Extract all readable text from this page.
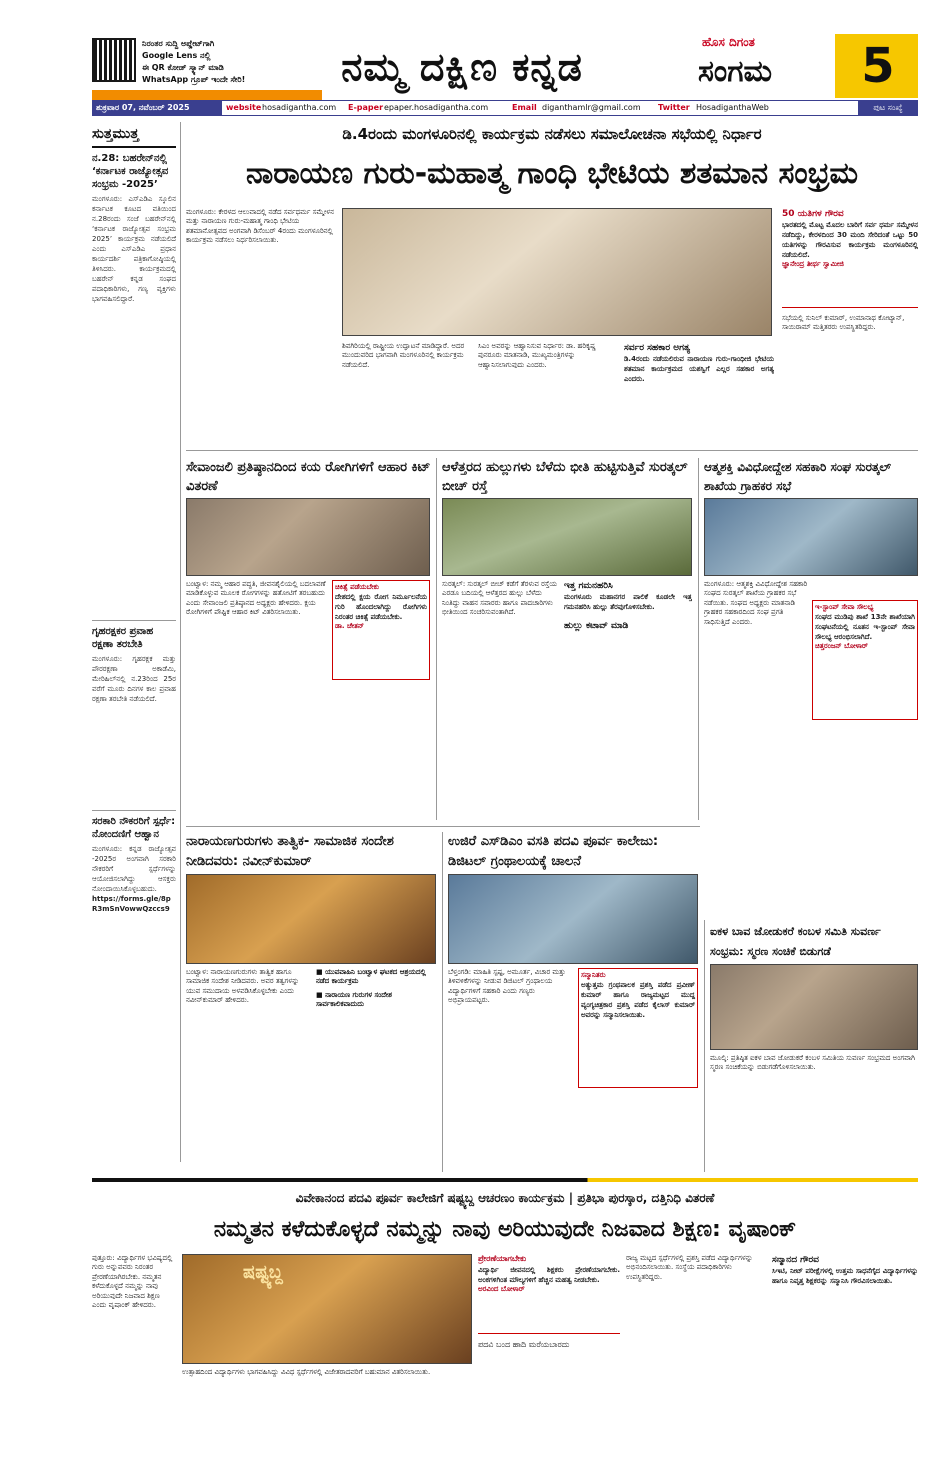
ನಿರಂತರ ಸುದ್ದಿ ಅಪ್ಡೇಟ್‌ಗಾಗಿ
Google Lens ನಲ್ಲಿ
ಈ QR ಕೋಡ್ ಸ್ಕ್ಯಾನ್ ಮಾಡಿ
WhatsApp ಗ್ರೂಪ್ ಇಂದೇ ಸೇರಿ!	ನಮ್ಮ ದಕ್ಷಿಣ ಕನ್ನಡ
ಹೊಸ ದಿಗಂತ
ಸಂಗಮ	5
ಶುಕ್ರವಾರ 07, ನವೆಂಬರ್ 2025	website hosadigantha.com E-paper epaper.hosadigantha.com	Email diganthamlr@gmail.com Twitter HosadiganthaWeb	ಪುಟ ಸಂಖ್ಯೆ
ಸುತ್ತಮುತ್ತ
ನ.28: ಬಹರೇನ್‌ನಲ್ಲಿ ‘ಕರ್ನಾಟಕ ರಾಜ್ಯೋತ್ಸವ ಸಂಭ್ರಮ -2025’
ಮಂಗಳೂರು: ಎಸ್ಎಡಿಎ ಸ್ಕೂಲಿನ ಕರ್ನಾಟಕ ಕೂಟದ ವತಿಯಿಂದ ನ.28ರಂದು ಸಂಜೆ ಬಹರೇನ್‌ನಲ್ಲಿ ‘ಕರ್ನಾಟಕ ರಾಜ್ಯೋತ್ಸವ ಸಂಭ್ರಮ 2025’ ಕಾರ್ಯಕ್ರಮ ನಡೆಯಲಿದೆ ಎಂದು ಎಸ್ಎಡಿಎ ಪ್ರಧಾನ ಕಾರ್ಯದರ್ಶಿ ಪತ್ರಿಕಾಗೋಷ್ಠಿಯಲ್ಲಿ ತಿಳಿಸಿದರು. ಕಾರ್ಯಕ್ರಮದಲ್ಲಿ ಬಹರೇನ್ ಕನ್ನಡ ಸಂಘದ ಪದಾಧಿಕಾರಿಗಳು, ಗಣ್ಯ ವ್ಯಕ್ತಿಗಳು ಭಾಗವಹಿಸಲಿದ್ದಾರೆ.
ಗೃಹರಕ್ಷಕರ ಪ್ರವಾಹ ರಕ್ಷಣಾ ತರಬೇತಿ
ಮಂಗಳೂರು: ಗೃಹರಕ್ಷಕ ಮತ್ತು ಪೌರರಕ್ಷಣಾ ಅಕಾಡೆಮಿ, ಮೇರಿಹಿಲ್‌ನಲ್ಲಿ ನ.23ರಿಂದ 25ರ ವರೆಗೆ ಮೂರು ದಿನಗಳ ಕಾಲ ಪ್ರವಾಹ ರಕ್ಷಣಾ ತರಬೇತಿ ನಡೆಯಲಿದೆ.
ಸರಕಾರಿ ನೌಕರರಿಗೆ ಸ್ಪರ್ಧೆ: ನೋಂದಣಿಗೆ ಆಹ್ವಾನ
ಮಂಗಳೂರು: ಕನ್ನಡ ರಾಜ್ಯೋತ್ಸವ -2025ರ ಅಂಗವಾಗಿ ಸರಕಾರಿ ನೌಕರರಿಗೆ ಸ್ಪರ್ಧೆಗಳನ್ನು ಆಯೋಜಿಸಲಾಗಿದ್ದು ಆಸಕ್ತರು ನೋಂದಾಯಿಸಿಕೊಳ್ಳಬಹುದು.
https://forms.gle/8pR3mSnVowwQzccs9
ಡಿ.4ರಂದು ಮಂಗಳೂರಿನಲ್ಲಿ ಕಾರ್ಯಕ್ರಮ ನಡೆಸಲು ಸಮಾಲೋಚನಾ ಸಭೆಯಲ್ಲಿ ನಿರ್ಧಾರ
ನಾರಾಯಣ ಗುರು-ಮಹಾತ್ಮ ಗಾಂಧಿ ಭೇಟಿಯ ಶತಮಾನ ಸಂಭ್ರಮ
ಮಂಗಳೂರು: ಕೇರಳದ ಆಲುವಾದಲ್ಲಿ ನಡೆದ ಸರ್ವಧರ್ಮ ಸಮ್ಮೇಳನ ಮತ್ತು ನಾರಾಯಣ ಗುರು-ಮಹಾತ್ಮ ಗಾಂಧಿ ಭೇಟಿಯ ಶತಮಾನೋತ್ಸವದ ಅಂಗವಾಗಿ ಡಿಸೆಂಬರ್ 4ರಂದು ಮಂಗಳೂರಿನಲ್ಲಿ ಕಾರ್ಯಕ್ರಮ ನಡೆಸಲು ನಿರ್ಧರಿಸಲಾಯಿತು.
50 ಯತಿಗಳ ಗೌರವ
ಭಾರತದಲ್ಲಿ ಮೊಟ್ಟ ಮೊದಲ ಬಾರಿಗೆ ಸರ್ವ ಧರ್ಮ ಸಮ್ಮೇಳನ ನಡೆದಿದ್ದು, ಕೇರಳದಿಂದ 30 ಮಂದಿ ಸೇರಿದಂತೆ ಒಟ್ಟು 50 ಯತಿಗಳನ್ನು ಗೌರವಿಸುವ ಕಾರ್ಯಕ್ರಮ ಮಂಗಳೂರಿನಲ್ಲಿ ನಡೆಯಲಿದೆ.
ಜ್ಞಾನೇಂದ್ರ ತೀರ್ಥ ಸ್ವಾಮೀಜಿ
ಸಭೆಯಲ್ಲಿ ಸುನಿಲ್ ಕುಮಾರ್, ಉಮಾನಾಥ ಕೋಟ್ಯಾನ್, ಸಾಯಿರಾಮ್ ಮತ್ತಿತರರು ಉಪಸ್ಥಿತರಿದ್ದರು.
ಶಿವಗಿರಿಯಲ್ಲಿ ರಾಷ್ಟ್ರೀಯ ಉದ್ಘಾಟನೆ ಮಾಡಿದ್ದಾರೆ. ಅದರ ಮುಂದುವರಿದ ಭಾಗವಾಗಿ ಮಂಗಳೂರಿನಲ್ಲಿ ಕಾರ್ಯಕ್ರಮ ನಡೆಯಲಿದೆ.
ಸಿಎಂ ಅವರನ್ನು ಆಹ್ವಾನಿಸುವ ನಿರ್ಧಾರ: ಡಾ. ಹರಿಕೃಷ್ಣ ಪುನರೂರು ಮಾತನಾಡಿ, ಮುಖ್ಯಮಂತ್ರಿಗಳನ್ನು ಆಹ್ವಾನಿಸಲಾಗುವುದು ಎಂದರು.
ಸರ್ವರ ಸಹಕಾರ ಅಗತ್ಯ
ಡಿ.4ರಂದು ನಡೆಯಲಿರುವ ನಾರಾಯಣ ಗುರು-ಗಾಂಧೀಜಿ ಭೇಟಿಯ ಶತಮಾನ ಕಾರ್ಯಕ್ರಮದ ಯಶಸ್ವಿಗೆ ಎಲ್ಲರ ಸಹಕಾರ ಅಗತ್ಯ ಎಂದರು.
ಸೇವಾಂಜಲಿ ಪ್ರತಿಷ್ಠಾನದಿಂದ ಕಯ ರೋಗಿಗಳಿಗೆ ಆಹಾರ ಕಿಟ್ ವಿತರಣೆ
ಬಂಟ್ವಾಳ: ನಮ್ಮ ಆಹಾರ ಪದ್ಧತಿ, ಜೀವನಶೈಲಿಯಲ್ಲಿ ಬದಲಾವಣೆ ಮಾಡಿಕೊಳ್ಳುವ ಮೂಲಕ ರೋಗಗಳನ್ನು ಹತೋಟಿಗೆ ತರಬಹುದು ಎಂದು ಸೇವಾಂಜಲಿ ಪ್ರತಿಷ್ಠಾನದ ಅಧ್ಯಕ್ಷರು ಹೇಳಿದರು. ಕ್ಷಯ ರೋಗಿಗಳಿಗೆ ಪೌಷ್ಟಿಕ ಆಹಾರ ಕಿಟ್ ವಿತರಿಸಲಾಯಿತು.
ಚಿಕಿತ್ಸೆ ಪಡೆಯಬೇಕು
ದೇಶದಲ್ಲಿ ಕ್ಷಯ ರೋಗ ನಿರ್ಮೂಲನೆಯ ಗುರಿ ಹೊಂದಲಾಗಿದ್ದು ರೋಗಿಗಳು ನಿರಂತರ ಚಿಕಿತ್ಸೆ ಪಡೆಯಬೇಕು.
ಡಾ. ಚೇತನ್
ಆಳೆತ್ತರದ ಹುಲ್ಲುಗಳು ಬೆಳೆದು ಭೀತಿ ಹುಟ್ಟಿಸುತ್ತಿವೆ ಸುರತ್ಕಲ್ ಬೀಚ್ ರಸ್ತೆ
ಸುರತ್ಕಲ್: ಸುರತ್ಕಲ್ ಬೀಚ್ ಕಡೆಗೆ ತೆರಳುವ ರಸ್ತೆಯ ಎರಡೂ ಬದಿಯಲ್ಲಿ ಆಳೆತ್ತರದ ಹುಲ್ಲು ಬೆಳೆದು ನಿಂತಿದ್ದು ವಾಹನ ಸವಾರರು ಹಾಗೂ ಪಾದಚಾರಿಗಳು ಭೀತಿಯಿಂದ ಸಂಚರಿಸುವಂತಾಗಿದೆ.
ಇತ್ತ ಗಮನಹರಿಸಿ
ಮಂಗಳೂರು ಮಹಾನಗರ ಪಾಲಿಕೆ ಕೂಡಲೇ ಇತ್ತ ಗಮನಹರಿಸಿ ಹುಲ್ಲು ತೆರವುಗೊಳಿಸಬೇಕು.
ಹುಲ್ಲು ಕಟಾವ್ ಮಾಡಿ
ಆತ್ಮಶಕ್ತಿ ವಿವಿಧೋದ್ದೇಶ ಸಹಕಾರಿ ಸಂಘ ಸುರತ್ಕಲ್ ಶಾಖೆಯ ಗ್ರಾಹಕರ ಸಭೆ
ಮಂಗಳೂರು: ಆತ್ಮಶಕ್ತಿ ವಿವಿಧೋದ್ದೇಶ ಸಹಕಾರಿ ಸಂಘದ ಸುರತ್ಕಲ್ ಶಾಖೆಯ ಗ್ರಾಹಕರ ಸಭೆ ನಡೆಯಿತು. ಸಂಘದ ಅಧ್ಯಕ್ಷರು ಮಾತನಾಡಿ ಗ್ರಾಹಕರ ಸಹಕಾರದಿಂದ ಸಂಘ ಪ್ರಗತಿ ಸಾಧಿಸುತ್ತಿದೆ ಎಂದರು.
ಇ-ಸ್ಟಾಂಪ್ ಸೇವಾ ಸೌಲಭ್ಯ
ಸಂಘದ ಮುಡಿಪು ಶಾಖೆ 13ನೇ ಶಾಖೆಯಾಗಿ ಸಂಘಟನೆಯಲ್ಲಿ ನೂತನ ಇ-ಸ್ಟಾಂಪ್ ಸೇವಾ ಸೌಲಭ್ಯ ಆರಂಭಿಸಲಾಗಿದೆ.
ಚಿತ್ತರಂಜನ್ ಬೋಳಾರ್
ನಾರಾಯಣಗುರುಗಳು ತಾತ್ವಿಕ- ಸಾಮಾಜಿಕ ಸಂದೇಶ ನೀಡಿದವರು: ನವೀನ್‌ಕುಮಾರ್
ಬಂಟ್ವಾಳ: ನಾರಾಯಣಗುರುಗಳು ತಾತ್ವಿಕ ಹಾಗೂ ಸಾಮಾಜಿಕ ಸಂದೇಶ ನೀಡಿದವರು. ಅವರ ತತ್ವಗಳನ್ನು ಯುವ ಸಮುದಾಯ ಅಳವಡಿಸಿಕೊಳ್ಳಬೇಕು ಎಂದು ನವೀನ್‌ಕುಮಾರ್ ಹೇಳಿದರು.
■ ಯುವವಾಹಿನಿ ಬಂಟ್ವಾಳ ಘಟಕದ ಆಶ್ರಯದಲ್ಲಿ ನಡೆದ ಕಾರ್ಯಕ್ರಮ
■ ನಾರಾಯಣ ಗುರುಗಳ ಸಂದೇಶ ಸಾರ್ವಕಾಲಿಕವಾದುದು
ಉಜಿರೆ ಎಸ್‌ಡಿಎಂ ವಸತಿ ಪದವಿ ಪೂರ್ವ ಕಾಲೇಜು: ಡಿಜಿಟಲ್ ಗ್ರಂಥಾಲಯಕ್ಕೆ ಚಾಲನೆ
ಬೆಳ್ತಂಗಡಿ: ಮಾಹಿತಿ ಸ್ಪಷ್ಟ, ಅಮೂರ್ತ, ವಿಚಾರ ಮತ್ತು ತಿಳಿವಳಿಕೆಗಳನ್ನು ನೀಡುವ ಡಿಜಿಟಲ್ ಗ್ರಂಥಾಲಯ ವಿದ್ಯಾರ್ಥಿಗಳಿಗೆ ಸಹಕಾರಿ ಎಂದು ಗಣ್ಯರು ಅಭಿಪ್ರಾಯಪಟ್ಟರು.
ಸನ್ಮಾನಿತರು
ಅತ್ಯುತ್ತಮ ಗ್ರಂಥಪಾಲಕ ಪ್ರಶಸ್ತಿ ಪಡೆದ ಪ್ರವೀಣ್ ಕುಮಾರ್ ಹಾಗೂ ರಾಜ್ಯಮಟ್ಟದ ಮುದ್ದ ವ್ಯಂಗ್ಯಚಿತ್ರಕಾರ ಪ್ರಶಸ್ತಿ ಪಡೆದ ಕೈಲಾಸ್ ಕುಮಾರ್ ಅವರನ್ನು ಸನ್ಮಾನಿಸಲಾಯಿತು.
ಐಕಳ ಬಾವ ಜೋಡುಕರೆ ಕಂಬಳ ಸಮಿತಿ ಸುವರ್ಣ ಸಂಭ್ರಮ: ಸ್ಮರಣ ಸಂಚಿಕೆ ಬಿಡುಗಡೆ
ಮೂಲ್ಕಿ: ಪ್ರತಿಷ್ಠಿತ ಐಕಳ ಬಾವ ಜೋಡುಕರೆ ಕಂಬಳ ಸಮಿತಿಯ ಸುವರ್ಣ ಸಂಭ್ರಮದ ಅಂಗವಾಗಿ ಸ್ಮರಣ ಸಂಚಿಕೆಯನ್ನು ಬಿಡುಗಡೆಗೊಳಿಸಲಾಯಿತು.
ವಿವೇಕಾನಂದ ಪದವಿ ಪೂರ್ವ ಕಾಲೇಜಿಗೆ ಷಷ್ಟ್ಯಬ್ದ ಆಚರಣಂ ಕಾರ್ಯಕ್ರಮ | ಪ್ರತಿಭಾ ಪುರಸ್ಕಾರ, ದತ್ತಿನಿಧಿ ವಿತರಣೆ
ನಮ್ಮತನ ಕಳೆದುಕೊಳ್ಳದೆ ನಮ್ಮನ್ನು ನಾವು ಅರಿಯುವುದೇ ನಿಜವಾದ ಶಿಕ್ಷಣ: ವೃಷಾಂಕ್
ಪುತ್ತೂರು: ವಿದ್ಯಾರ್ಥಿಗಳ ಭವಿಷ್ಯದಲ್ಲಿ ಗುರು ಅನ್ನುವವರು ನಿರಂತರ ಪ್ರೇರಣೆಯಾಗಿರಬೇಕು. ನಮ್ಮತನ ಕಳೆದುಕೊಳ್ಳದೆ ನಮ್ಮನ್ನು ನಾವು ಅರಿಯುವುದೇ ನಿಜವಾದ ಶಿಕ್ಷಣ ಎಂದು ವೃಷಾಂಕ್ ಹೇಳಿದರು.
ಷಷ್ಟ್ಯಬ್ದ
ಪ್ರೇರಣೆಯಾಗಬೇಕು
ವಿದ್ಯಾರ್ಥಿ ಜೀವನದಲ್ಲಿ ಶಿಕ್ಷಕರು ಪ್ರೇರಣೆಯಾಗಬೇಕು. ಅಂಕಗಳಿಗಿಂತ ಮೌಲ್ಯಗಳಿಗೆ ಹೆಚ್ಚಿನ ಮಹತ್ವ ನೀಡಬೇಕು.
ಅರವಿಂದ ಬೋಳಾರ್
ಉತ್ಸಾಹದಿಂದ ವಿದ್ಯಾರ್ಥಿಗಳು ಭಾಗವಹಿಸಿದ್ದು ವಿವಿಧ ಸ್ಪರ್ಧೆಗಳಲ್ಲಿ ವಿಜೇತರಾದವರಿಗೆ ಬಹುಮಾನ ವಿತರಿಸಲಾಯಿತು.
ಪದವಿ ಬಂದ ಹಾದಿ ಮರೆಯಬಾರದು
ರಾಜ್ಯ ಮಟ್ಟದ ಸ್ಪರ್ಧೆಗಳಲ್ಲಿ ಪ್ರಶಸ್ತಿ ಪಡೆದ ವಿದ್ಯಾರ್ಥಿಗಳನ್ನು ಅಭಿನಂದಿಸಲಾಯಿತು. ಸಂಸ್ಥೆಯ ಪದಾಧಿಕಾರಿಗಳು ಉಪಸ್ಥಿತರಿದ್ದರು.
ಸನ್ಮಾನದ ಗೌರವ
ಸಿಇಟಿ, ನೀಟ್ ಪರೀಕ್ಷೆಗಳಲ್ಲಿ ಉತ್ತಮ ಸಾಧನೆಗೈದ ವಿದ್ಯಾರ್ಥಿಗಳನ್ನು ಹಾಗೂ ನಿವೃತ್ತ ಶಿಕ್ಷಕರನ್ನು ಸನ್ಮಾನಿಸಿ ಗೌರವಿಸಲಾಯಿತು.
